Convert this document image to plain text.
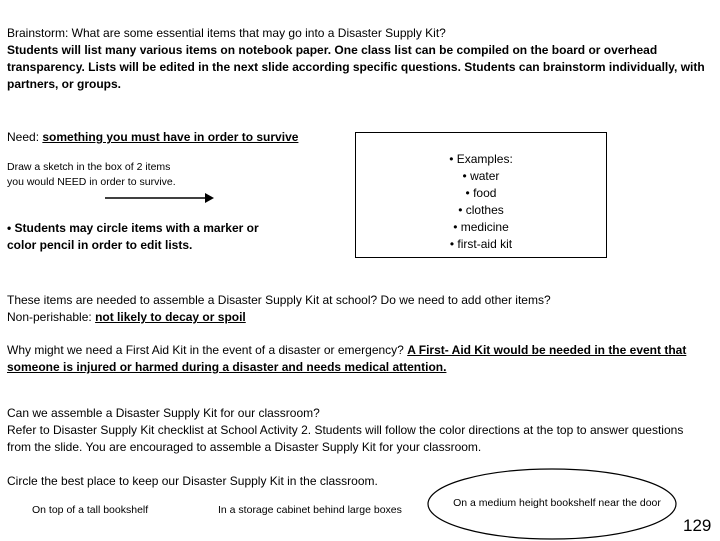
Brainstorm: What are some essential items that may go into a Disaster Supply Kit?
Students will list many various items on notebook paper. One class list can be compiled on the board or overhead transparency. Lists will be edited in the next slide according specific questions. Students can brainstorm individually, with partners, or groups.
Need: something you must have in order to survive
Draw a sketch in the box of 2 items
you would NEED in order to survive.
• Students may circle items with a marker or
color pencil in order to edit lists.
• Examples:
• water
• food
• clothes
• medicine
• first-aid kit
These items are needed to assemble a Disaster Supply Kit at school? Do we need to add other items?
Non-perishable: not likely to decay or spoil
Why might we need a First Aid Kit in the event of a disaster or emergency? A First- Aid Kit would be needed in the event that someone is injured or harmed during a disaster and needs medical attention.
Can we assemble a Disaster Supply Kit for our classroom?
Refer to Disaster Supply Kit checklist at School Activity 2. Students will follow the color directions at the top to answer questions from the slide. You are encouraged to assemble a Disaster Supply Kit for your classroom.
Circle the best place to keep our Disaster Supply Kit in the classroom.
On top of a tall bookshelf	In a storage cabinet behind large boxes
On a medium height bookshelf near the door
129
